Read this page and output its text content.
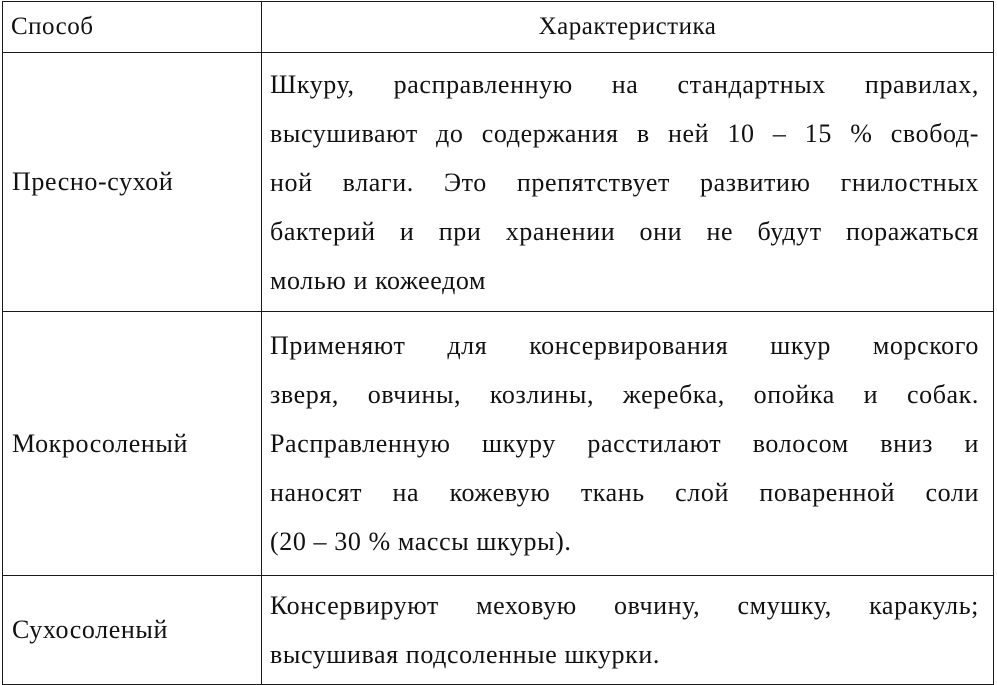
Способ	Характеристика
Пресно-сухой	Шкуру, расправленную на стандартных правилах,
высушивают до содержания в ней 10 – 15 % свобод-
ной влаги. Это препятствует развитию гнилостных
бактерий и при хранении они не будут поражаться
молью и кожеедом

Мокросоленый	Применяют для консервирования шкур морского
зверя, овчины, козлины, жеребка, опойка и собак.
Расправленную шкуру расстилают волосом вниз и
наносят на кожевую ткань слой поваренной соли
(20 – 30 % массы шкуры).

Сухосоленый	Консервируют меховую овчину, смушку, каракуль;
высушивая подсоленные шкурки.
